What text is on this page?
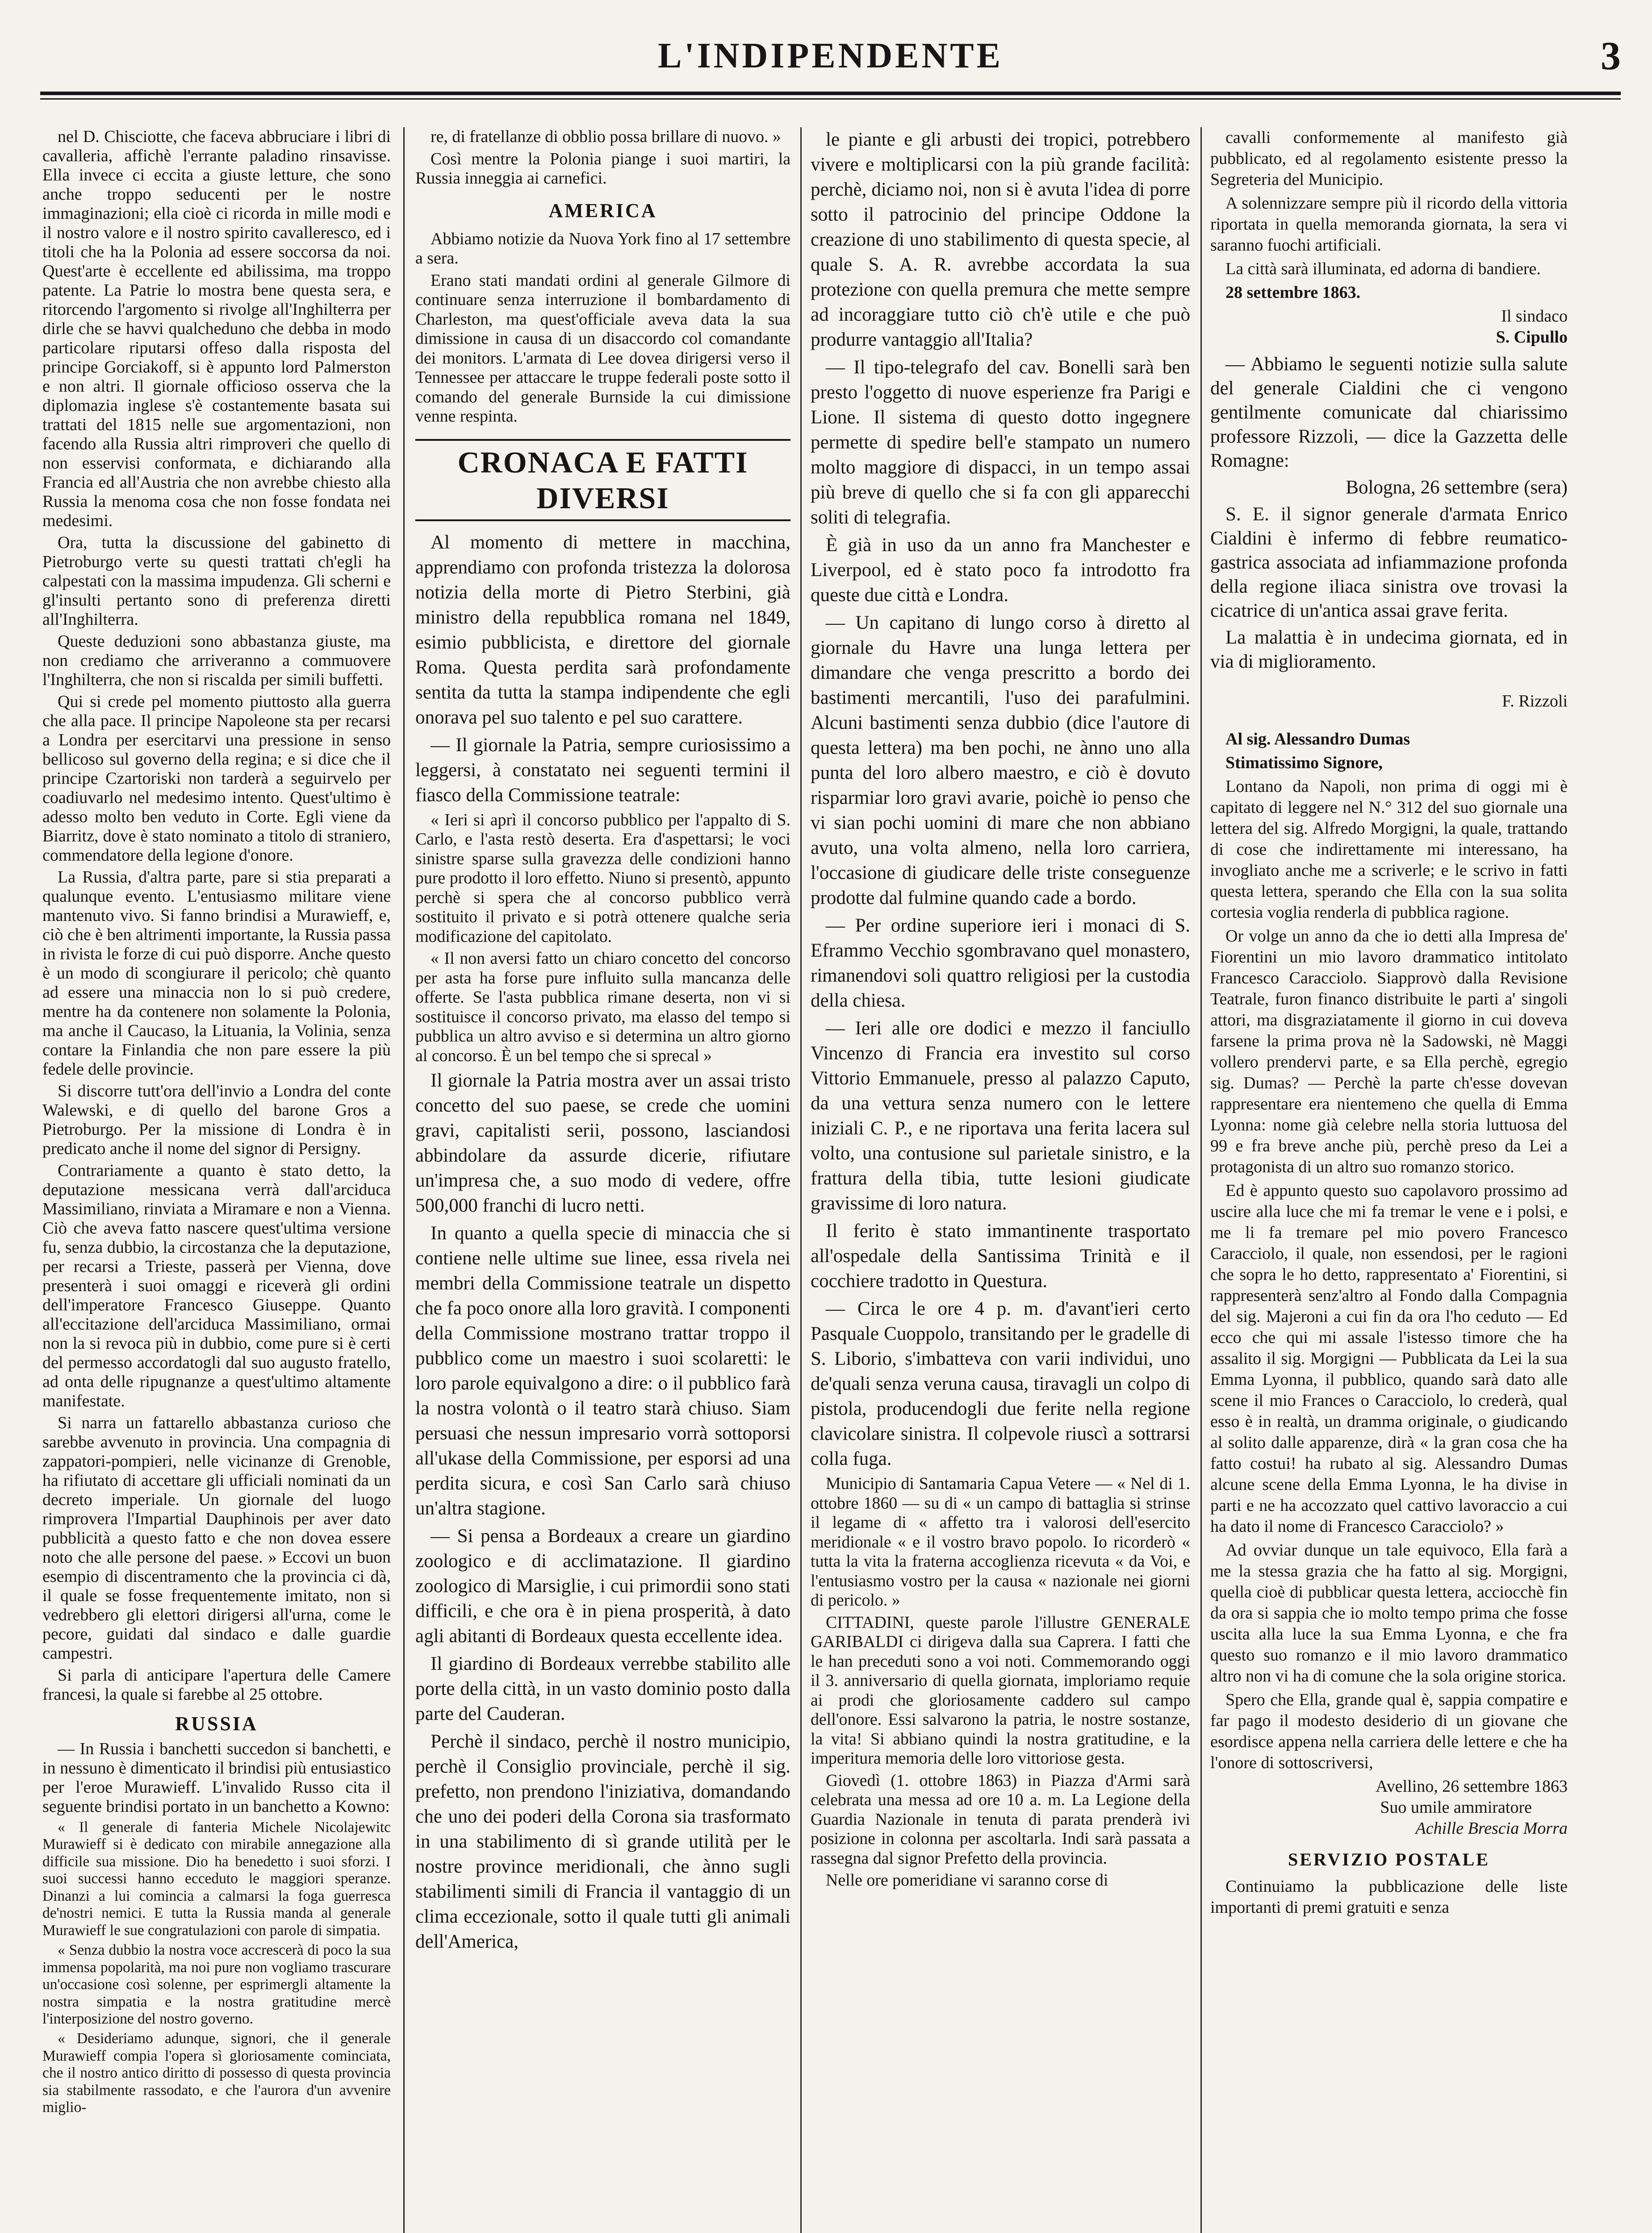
L'INDIPENDENTE	3

nel D. Chisciotte, che faceva abbruciare i libri di cavalleria, affichè l'errante paladino rinsavisse. Ella invece ci eccita a giuste letture, che sono anche troppo seducenti per le nostre immaginazioni; ella cioè ci ricorda in mille modi e il nostro valore e il nostro spirito cavalleresco, ed i titoli che ha la Polonia ad essere soccorsa da noi. Quest'arte è eccellente ed abilissima, ma troppo patente. La Patrie lo mostra bene questa sera, e ritorcendo l'argomento si rivolge all'Inghilterra per dirle che se havvi qualcheduno che debba in modo particolare riputarsi offeso dalla risposta del principe Gorciakoff, si è appunto lord Palmerston e non altri. Il giornale officioso osserva che la diplomazia inglese s'è costantemente basata sui trattati del 1815 nelle sue argomentazioni, non facendo alla Russia altri rimproveri che quello di non esservisi conformata, e dichiarando alla Francia ed all'Austria che non avrebbe chiesto alla Russia la menoma cosa che non fosse fondata nei medesimi.

Ora, tutta la discussione del gabinetto di Pietroburgo verte su questi trattati ch'egli ha calpestati con la massima impudenza. Gli scherni e gl'insulti pertanto sono di preferenza diretti all'Inghilterra.

Queste deduzioni sono abbastanza giuste, ma non crediamo che arriveranno a commuovere l'Inghilterra, che non si riscalda per simili buffetti.

Qui si crede pel momento piuttosto alla guerra che alla pace. Il principe Napoleone sta per recarsi a Londra per esercitarvi una pressione in senso bellicoso sul governo della regina; e si dice che il principe Czartoriski non tarderà a seguirvelo per coadiuvarlo nel medesimo intento. Quest'ultimo è adesso molto ben veduto in Corte. Egli viene da Biarritz, dove è stato nominato a titolo di straniero, commendatore della legione d'onore.

La Russia, d'altra parte, pare si stia preparati a qualunque evento. L'entusiasmo militare viene mantenuto vivo. Si fanno brindisi a Murawieff, e, ciò che è ben altrimenti importante, la Russia passa in rivista le forze di cui può disporre. Anche questo è un modo di scongiurare il pericolo; chè quanto ad essere una minaccia non lo si può credere, mentre ha da contenere non solamente la Polonia, ma anche il Caucaso, la Lituania, la Volinia, senza contare la Finlandia che non pare essere la più fedele delle provincie.

Si discorre tutt'ora dell'invio a Londra del conte Walewski, e di quello del barone Gros a Pietroburgo. Per la missione di Londra è in predicato anche il nome del signor di Persigny.

Contrariamente a quanto è stato detto, la deputazione messicana verrà dall'arciduca Massimiliano, rinviata a Miramare e non a Vienna. Ciò che aveva fatto nascere quest'ultima versione fu, senza dubbio, la circostanza che la deputazione, per recarsi a Trieste, passerà per Vienna, dove presenterà i suoi omaggi e riceverà gli ordini dell'imperatore Francesco Giuseppe. Quanto all'eccitazione dell'arciduca Massimiliano, ormai non la si revoca più in dubbio, come pure si è certi del permesso accordatogli dal suo augusto fratello, ad onta delle ripugnanze a quest'ultimo altamente manifestate.

Si narra un fattarello abbastanza curioso che sarebbe avvenuto in provincia. Una compagnia di zappatori-pompieri, nelle vicinanze di Grenoble, ha rifiutato di accettare gli ufficiali nominati da un decreto imperiale. Un giornale del luogo rimprovera l'Impartial Dauphinois per aver dato pubblicità a questo fatto e che non dovea essere noto che alle persone del paese. » Eccovi un buon esempio di discentramento che la provincia ci dà, il quale se fosse frequentemente imitato, non si vedrebbero gli elettori dirigersi all'urna, come le pecore, guidati dal sindaco e dalle guardie campestri.

Si parla di anticipare l'apertura delle Camere francesi, la quale si farebbe al 25 ottobre.

RUSSIA

— In Russia i banchetti succedon si banchetti, e in nessuno è dimenticato il brindisi più entusiastico per l'eroe Murawieff. L'invalido Russo cita il seguente brindisi portato in un banchetto a Kowno:

« Il generale di fanteria Michele Nicolajewitc Murawieff si è dedicato con mirabile annegazione alla difficile sua missione. Dio ha benedetto i suoi sforzi. I suoi successi hanno ecceduto le maggiori speranze. Dinanzi a lui comincia a calmarsi la foga guerresca de'nostri nemici. E tutta la Russia manda al generale Murawieff le sue congratulazioni con parole di simpatia.

« Senza dubbio la nostra voce accrescerà di poco la sua immensa popolarità, ma noi pure non vogliamo trascurare un'occasione così solenne, per esprimergli altamente la nostra simpatia e la nostra gratitudine mercè l'interposizione del nostro governo.

« Desideriamo adunque, signori, che il generale Murawieff compia l'opera sì gloriosamente cominciata, che il nostro antico diritto di possesso di questa provincia sia stabilmente rassodato, e che l'aurora d'un avvenire miglio-

re, di fratellanze di obblio possa brillare di nuovo. »

Così mentre la Polonia piange i suoi martiri, la Russia inneggia ai carnefici.

AMERICA

Abbiamo notizie da Nuova York fino al 17 settembre a sera.

Erano stati mandati ordini al generale Gilmore di continuare senza interruzione il bombardamento di Charleston, ma quest'officiale aveva data la sua dimissione in causa di un disaccordo col comandante dei monitors. L'armata di Lee dovea dirigersi verso il Tennessee per attaccare le truppe federali poste sotto il comando del generale Burnside la cui dimissione venne respinta.

CRONACA E FATTI DIVERSI

Al momento di mettere in macchina, apprendiamo con profonda tristezza la dolorosa notizia della morte di Pietro Sterbini, già ministro della repubblica romana nel 1849, esimio pubblicista, e direttore del giornale Roma. Questa perdita sarà profondamente sentita da tutta la stampa indipendente che egli onorava pel suo talento e pel suo carattere.

— Il giornale la Patria, sempre curiosissimo a leggersi, à constatato nei seguenti termini il fiasco della Commissione teatrale:

« Ieri si aprì il concorso pubblico per l'appalto di S. Carlo, e l'asta restò deserta. Era d'aspettarsi; le voci sinistre sparse sulla gravezza delle condizioni hanno pure prodotto il loro effetto. Niuno si presentò, appunto perchè si spera che al concorso pubblico verrà sostituito il privato e si potrà ottenere qualche seria modificazione del capitolato.

« Il non aversi fatto un chiaro concetto del concorso per asta ha forse pure influito sulla mancanza delle offerte. Se l'asta pubblica rimane deserta, non vi si sostituisce il concorso privato, ma elasso del tempo si pubblica un altro avviso e si determina un altro giorno al concorso. È un bel tempo che si sprecal »

Il giornale la Patria mostra aver un assai tristo concetto del suo paese, se crede che uomini gravi, capitalisti serii, possono, lasciandosi abbindolare da assurde dicerie, rifiutare un'impresa che, a suo modo di vedere, offre 500,000 franchi di lucro netti.

In quanto a quella specie di minaccia che si contiene nelle ultime sue linee, essa rivela nei membri della Commissione teatrale un dispetto che fa poco onore alla loro gravità. I componenti della Commissione mostrano trattar troppo il pubblico come un maestro i suoi scolaretti: le loro parole equivalgono a dire: o il pubblico farà la nostra volontà o il teatro starà chiuso. Siam persuasi che nessun impresario vorrà sottoporsi all'ukase della Commissione, per esporsi ad una perdita sicura, e così San Carlo sarà chiuso un'altra stagione.

— Si pensa a Bordeaux a creare un giardino zoologico e di acclimatazione. Il giardino zoologico di Marsiglie, i cui primordii sono stati difficili, e che ora è in piena prosperità, à dato agli abitanti di Bordeaux questa eccellente idea.

Il giardino di Bordeaux verrebbe stabilito alle porte della città, in un vasto dominio posto dalla parte del Cauderan.

Perchè il sindaco, perchè il nostro municipio, perchè il Consiglio provinciale, perchè il sig. prefetto, non prendono l'iniziativa, domandando che uno dei poderi della Corona sia trasformato in una stabilimento di sì grande utilità per le nostre province meridionali, che ànno sugli stabilimenti simili di Francia il vantaggio di un clima eccezionale, sotto il quale tutti gli animali dell'America,

le piante e gli arbusti dei tropici, potrebbero vivere e moltiplicarsi con la più grande facilità: perchè, diciamo noi, non si è avuta l'idea di porre sotto il patrocinio del principe Oddone la creazione di uno stabilimento di questa specie, al quale S. A. R. avrebbe accordata la sua protezione con quella premura che mette sempre ad incoraggiare tutto ciò ch'è utile e che può produrre vantaggio all'Italia?

— Il tipo-telegrafo del cav. Bonelli sarà ben presto l'oggetto di nuove esperienze fra Parigi e Lione. Il sistema di questo dotto ingegnere permette di spedire bell'e stampato un numero molto maggiore di dispacci, in un tempo assai più breve di quello che si fa con gli apparecchi soliti di telegrafia.

È già in uso da un anno fra Manchester e Liverpool, ed è stato poco fa introdotto fra queste due città e Londra.

— Un capitano di lungo corso à diretto al giornale du Havre una lunga lettera per dimandare che venga prescritto a bordo dei bastimenti mercantili, l'uso dei parafulmini. Alcuni bastimenti senza dubbio (dice l'autore di questa lettera) ma ben pochi, ne ànno uno alla punta del loro albero maestro, e ciò è dovuto risparmiar loro gravi avarie, poichè io penso che vi sian pochi uomini di mare che non abbiano avuto, una volta almeno, nella loro carriera, l'occasione di giudicare delle triste conseguenze prodotte dal fulmine quando cade a bordo.

— Per ordine superiore ieri i monaci di S. Eframmo Vecchio sgombravano quel monastero, rimanendovi soli quattro religiosi per la custodia della chiesa.

— Ieri alle ore dodici e mezzo il fanciullo Vincenzo di Francia era investito sul corso Vittorio Emmanuele, presso al palazzo Caputo, da una vettura senza numero con le lettere iniziali C. P., e ne riportava una ferita lacera sul volto, una contusione sul parietale sinistro, e la frattura della tibia, tutte lesioni giudicate gravissime di loro natura.

Il ferito è stato immantinente trasportato all'ospedale della Santissima Trinità e il cocchiere tradotto in Questura.

— Circa le ore 4 p. m. d'avant'ieri certo Pasquale Cuoppolo, transitando per le gradelle di S. Liborio, s'imbatteva con varii individui, uno de'quali senza veruna causa, tiravagli un colpo di pistola, producendogli due ferite nella regione clavicolare sinistra. Il colpevole riuscì a sottrarsi colla fuga.

Municipio di Santamaria Capua Vetere — « Nel di 1. ottobre 1860 — su di « un campo di battaglia si strinse il legame di « affetto tra i valorosi dell'esercito meridionale « e il vostro bravo popolo. Io ricorderò « tutta la vita la fraterna accoglienza ricevuta « da Voi, e l'entusiasmo vostro per la causa « nazionale nei giorni di pericolo. »

CITTADINI, queste parole l'illustre GENERALE GARIBALDI ci dirigeva dalla sua Caprera. I fatti che le han preceduti sono a voi noti. Commemorando oggi il 3. anniversario di quella giornata, imploriamo requie ai prodi che gloriosamente caddero sul campo dell'onore. Essi salvarono la patria, le nostre sostanze, la vita! Si abbiano quindi la nostra gratitudine, e la imperitura memoria delle loro vittoriose gesta.

Giovedì (1. ottobre 1863) in Piazza d'Armi sarà celebrata una messa ad ore 10 a. m. La Legione della Guardia Nazionale in tenuta di parata prenderà ivi posizione in colonna per ascoltarla. Indi sarà passata a rassegna dal signor Prefetto della provincia.

Nelle ore pomeridiane vi saranno corse di

cavalli conformemente al manifesto già pubblicato, ed al regolamento esistente presso la Segreteria del Municipio.

A solennizzare sempre più il ricordo della vittoria riportata in quella memoranda giornata, la sera vi saranno fuochi artificiali.

La città sarà illuminata, ed adorna di bandiere.

28 settembre 1863.

Il sindaco

S. Cipullo

— Abbiamo le seguenti notizie sulla salute del generale Cialdini che ci vengono gentilmente comunicate dal chiarissimo professore Rizzoli, — dice la Gazzetta delle Romagne:

Bologna, 26 settembre (sera)

S. E. il signor generale d'armata Enrico Cialdini è infermo di febbre reumatico-gastrica associata ad infiammazione profonda della regione iliaca sinistra ove trovasi la cicatrice di un'antica assai grave ferita.

La malattia è in undecima giornata, ed in via di miglioramento.

F. Rizzoli

Al sig. Alessandro Dumas

Stimatissimo Signore,

Lontano da Napoli, non prima di oggi mi è capitato di leggere nel N.° 312 del suo giornale una lettera del sig. Alfredo Morgigni, la quale, trattando di cose che indirettamente mi interessano, ha invogliato anche me a scriverle; e le scrivo in fatti questa lettera, sperando che Ella con la sua solita cortesia voglia renderla di pubblica ragione.

Or volge un anno da che io detti alla Impresa de' Fiorentini un mio lavoro drammatico intitolato Francesco Caracciolo. Siapprovò dalla Revisione Teatrale, furon financo distribuite le parti a' singoli attori, ma disgraziatamente il giorno in cui doveva farsene la prima prova nè la Sadowski, nè Maggi vollero prendervi parte, e sa Ella perchè, egregio sig. Dumas? — Perchè la parte ch'esse dovevan rappresentare era nientemeno che quella di Emma Lyonna: nome già celebre nella storia luttuosa del 99 e fra breve anche più, perchè preso da Lei a protagonista di un altro suo romanzo storico.

Ed è appunto questo suo capolavoro prossimo ad uscire alla luce che mi fa tremar le vene e i polsi, e me li fa tremare pel mio povero Francesco Caracciolo, il quale, non essendosi, per le ragioni che sopra le ho detto, rappresentato a' Fiorentini, si rappresenterà senz'altro al Fondo dalla Compagnia del sig. Majeroni a cui fin da ora l'ho ceduto — Ed ecco che qui mi assale l'istesso timore che ha assalito il sig. Morgigni — Pubblicata da Lei la sua Emma Lyonna, il pubblico, quando sarà dato alle scene il mio Frances o Caracciolo, lo crederà, qual esso è in realtà, un dramma originale, o giudicando al solito dalle apparenze, dirà « la gran cosa che ha fatto costui! ha rubato al sig. Alessandro Dumas alcune scene della Emma Lyonna, le ha divise in parti e ne ha accozzato quel cattivo lavoraccio a cui ha dato il nome di Francesco Caracciolo? »

Ad ovviar dunque un tale equivoco, Ella farà a me la stessa grazia che ha fatto al sig. Morgigni, quella cioè di pubblicar questa lettera, acciocchè fin da ora si sappia che io molto tempo prima che fosse uscita alla luce la sua Emma Lyonna, e che fra questo suo romanzo e il mio lavoro drammatico altro non vi ha di comune che la sola origine storica.

Spero che Ella, grande qual è, sappia compatire e far pago il modesto desiderio di un giovane che esordisce appena nella carriera delle lettere e che ha l'onore di sottoscriversi,

Avellino, 26 settembre 1863

Suo umile ammiratore

Achille Brescia Morra

SERVIZIO POSTALE

Continuiamo la pubblicazione delle liste importanti di premi gratuiti e senza
